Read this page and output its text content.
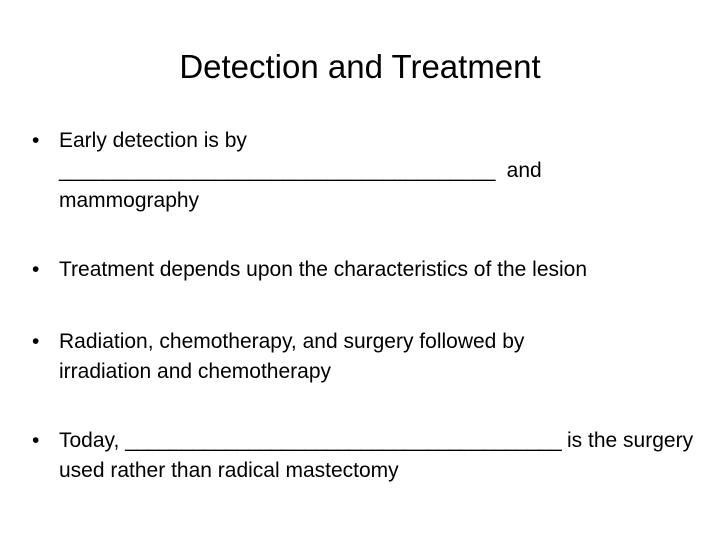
Detection and Treatment
• Early detection is by
_______________________________________ and
mammography
• Treatment depends upon the characteristics of the lesion
• Radiation, chemotherapy, and surgery followed by irradiation and chemotherapy
• Today, _______________________________________ is the surgery used rather than radical mastectomy
